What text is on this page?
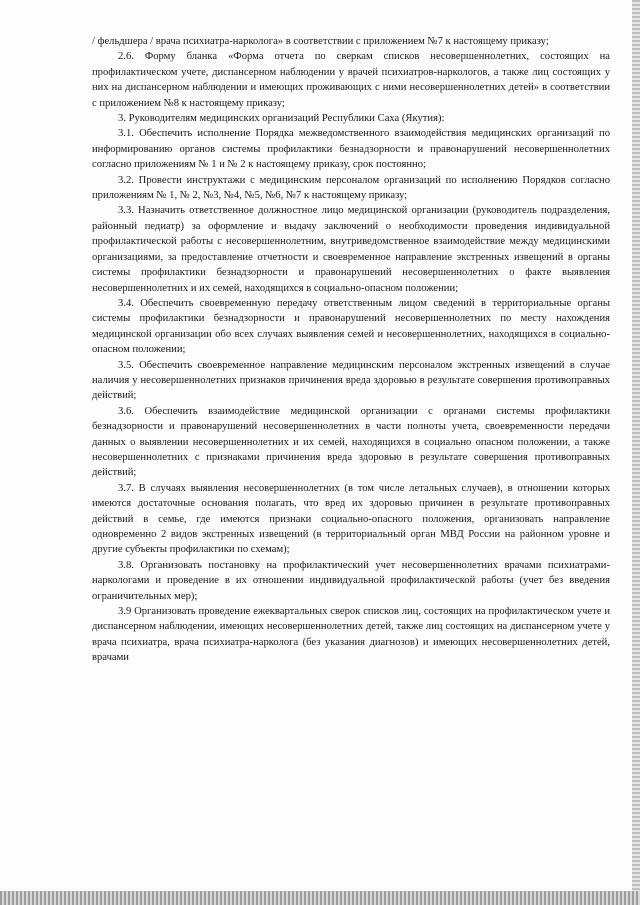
/ фельдшера / врача психиатра-нарколога» в соответствии с приложением №7 к настоящему приказу;

2.6. Форму бланка «Форма отчета по сверкам списков несовершеннолетних, состоящих на профилактическом учете, диспансерном наблюдении у врачей психиатров-наркологов, а также лиц состоящих у них на диспансерном наблюдении и имеющих проживающих с ними несовершеннолетних детей» в соответствии с приложением №8 к настоящему приказу;

3. Руководителям медицинских организаций Республики Саха (Якутия):

3.1. Обеспечить исполнение Порядка межведомственного взаимодействия медицинских организаций по информированию органов системы профилактики безнадзорности и правонарушений несовершеннолетних согласно приложениям № 1 и № 2 к настоящему приказу, срок постоянно;

3.2. Провести инструктажи с медицинским персоналом организаций по исполнению Порядков согласно приложениям № 1, № 2, №3, №4, №5, №6, №7 к настоящему приказу;

3.3. Назначить ответственное должностное лицо медицинской организации (руководитель подразделения, районный педиатр) за оформление и выдачу заключений о необходимости проведения индивидуальной профилактической работы с несовершеннолетним, внутриведомственное взаимодействие между медицинскими организациями, за предоставление отчетности и своевременное направление экстренных извещений в органы системы профилактики безнадзорности и правонарушений несовершеннолетних о факте выявления несовершеннолетних и их семей, находящихся в социально-опасном положении;

3.4. Обеспечить своевременную передачу ответственным лицом сведений в территориальные органы системы профилактики безнадзорности и правонарушений несовершеннолетних по месту нахождения медицинской организации обо всех случаях выявления семей и несовершеннолетних, находящихся в социально-опасном положении;

3.5. Обеспечить своевременное направление медицинским персоналом экстренных извещений в случае наличия у несовершеннолетних признаков причинения вреда здоровью в результате совершения противоправных действий;

3.6. Обеспечить взаимодействие медицинской организации с органами системы профилактики безнадзорности и правонарушений несовершеннолетних в части полноты учета, своевременности передачи данных о выявлении несовершеннолетних и их семей, находящихся в социально опасном положении, а также несовершеннолетних с признаками причинения вреда здоровью в результате совершения противоправных действий;

3.7. В случаях выявления несовершеннолетних (в том числе летальных случаев), в отношении которых имеются достаточные основания полагать, что вред их здоровью причинен в результате противоправных действий в семье, где имеются признаки социально-опасного положения, организовать направление одновременно 2 видов экстренных извещений (в территориальный орган МВД России на районном уровне и другие субъекты профилактики по схемам);

3.8. Организовать постановку на профилактический учет несовершеннолетних врачами психиатрами-наркологами и проведение в их отношении индивидуальной профилактической работы (учет без введения ограничительных мер);

3.9 Организовать проведение ежеквартальных сверок списков лиц, состоящих на профилактическом учете и диспансерном наблюдении, имеющих несовершеннолетних детей, также лиц состоящих на диспансерном учете у врача психиатра, врача психиатра-нарколога (без указания диагнозов) и имеющих несовершеннолетних детей, врачами
